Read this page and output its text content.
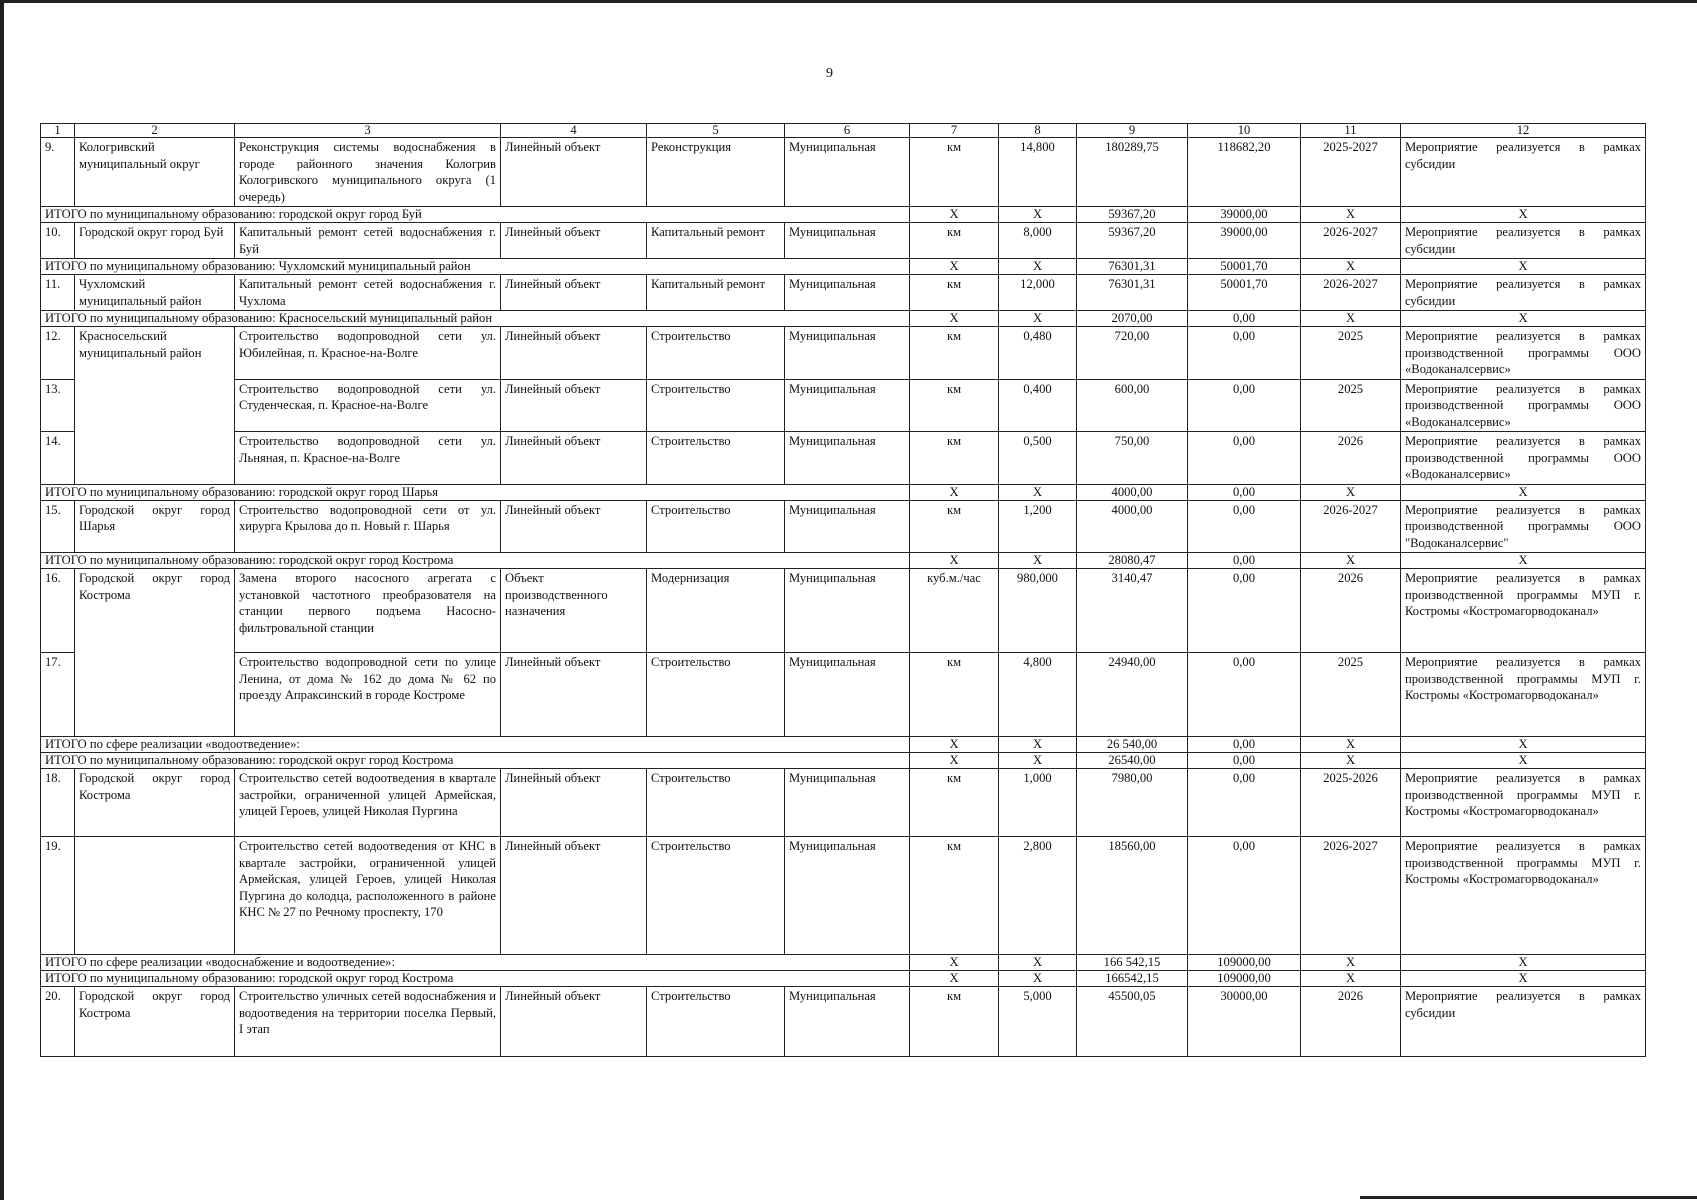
9
1	2	3	4	5	6	7	8	9	10	11	12
9.	Кологривский муниципальный округ	Реконструкция системы водоснабжения в городе районного значения Кологрив Кологривского муниципального округа (1 очередь)	Линейный объект	Реконструкция	Муниципальная	км	14,800	180289,75	118682,20	2025-2027	Мероприятие реализуется в рамках субсидии
ИТОГО по муниципальному образованию: городской округ город Буй						X	X	59367,20	39000,00	X	X
10.	Городской округ город Буй	Капитальный ремонт сетей водоснабжения г. Буй	Линейный объект	Капитальный ремонт	Муниципальная	км	8,000	59367,20	39000,00	2026-2027	Мероприятие реализуется в рамках субсидии
ИТОГО по муниципальному образованию: Чухломский муниципальный район						X	X	76301,31	50001,70	X	X
11.	Чухломский муниципальный район	Капитальный ремонт сетей водоснабжения г. Чухлома	Линейный объект	Капитальный ремонт	Муниципальная	км	12,000	76301,31	50001,70	2026-2027	Мероприятие реализуется в рамках субсидии
ИТОГО по муниципальному образованию: Красносельский муниципальный район						X	X	2070,00	0,00	X	X
12.	Красносельский муниципальный район	Строительство водопроводной сети ул. Юбилейная, п. Красное-на-Волге	Линейный объект	Строительство	Муниципальная	км	0,480	720,00	0,00	2025	Мероприятие реализуется в рамках производственной программы ООО «Водоканалсервис»
13.		Строительство водопроводной сети ул. Студенческая, п. Красное-на-Волге	Линейный объект	Строительство	Муниципальная	км	0,400	600,00	0,00	2025	Мероприятие реализуется в рамках производственной программы ООО «Водоканалсервис»
14.		Строительство водопроводной сети ул. Льняная, п. Красное-на-Волге	Линейный объект	Строительство	Муниципальная	км	0,500	750,00	0,00	2026	Мероприятие реализуется в рамках производственной программы ООО «Водоканалсервис»
ИТОГО по муниципальному образованию: городской округ город Шарья						X	X	4000,00	0,00	X	X
15.	Городской округ город Шарья	Строительство водопроводной сети от ул. хирурга Крылова до п. Новый г. Шарья	Линейный объект	Строительство	Муниципальная	км	1,200	4000,00	0,00	2026-2027	Мероприятие реализуется в рамках производственной программы ООО "Водоканалсервис"
ИТОГО по муниципальному образованию: городской округ город Кострома						X	X	28080,47	0,00	X	X
16.	Городской округ город Кострома	Замена второго насосного агрегата с установкой частотного преобразователя на станции первого подъема Насосно-фильтровальной станции	Объект производственного назначения	Модернизация	Муниципальная	куб.м./час	980,000	3140,47	0,00	2026	Мероприятие реализуется в рамках производственной программы МУП г. Костромы «Костромагорводоканал»
17.		Строительство водопроводной сети по улице Ленина, от дома № 162 до дома № 62 по проезду Апраксинский в городе Костроме	Линейный объект	Строительство	Муниципальная	км	4,800	24940,00	0,00	2025	Мероприятие реализуется в рамках производственной программы МУП г. Костромы «Костромагорводоканал»
ИТОГО по сфере реализации «водоотведение»:						X	X	26 540,00	0,00	X	X
ИТОГО по муниципальному образованию: городской округ город Кострома						X	X	26540,00	0,00	X	X
18.	Городской округ город Кострома	Строительство сетей водоотведения в квартале застройки, ограниченной улицей Армейская, улицей Героев, улицей Николая Пургина	Линейный объект	Строительство	Муниципальная	км	1,000	7980,00	0,00	2025-2026	Мероприятие реализуется в рамках производственной программы МУП г. Костромы «Костромагорводоканал»
19.		Строительство сетей водоотведения от КНС в квартале застройки, ограниченной улицей Армейская, улицей Героев, улицей Николая Пургина до колодца, расположенного в районе КНС № 27 по Речному проспекту, 170	Линейный объект	Строительство	Муниципальная	км	2,800	18560,00	0,00	2026-2027	Мероприятие реализуется в рамках производственной программы МУП г. Костромы «Костромагорводоканал»
ИТОГО по сфере реализации «водоснабжение и водоотведение»:						X	X	166 542,15	109000,00	X	X
ИТОГО по муниципальному образованию: городской округ город Кострома						X	X	166542,15	109000,00	X	X
20.	Городской округ город Кострома	Строительство уличных сетей водоснабжения и водоотведения на территории поселка Первый, I этап	Линейный объект	Строительство	Муниципальная	км	5,000	45500,05	30000,00	2026	Мероприятие реализуется в рамках субсидии
